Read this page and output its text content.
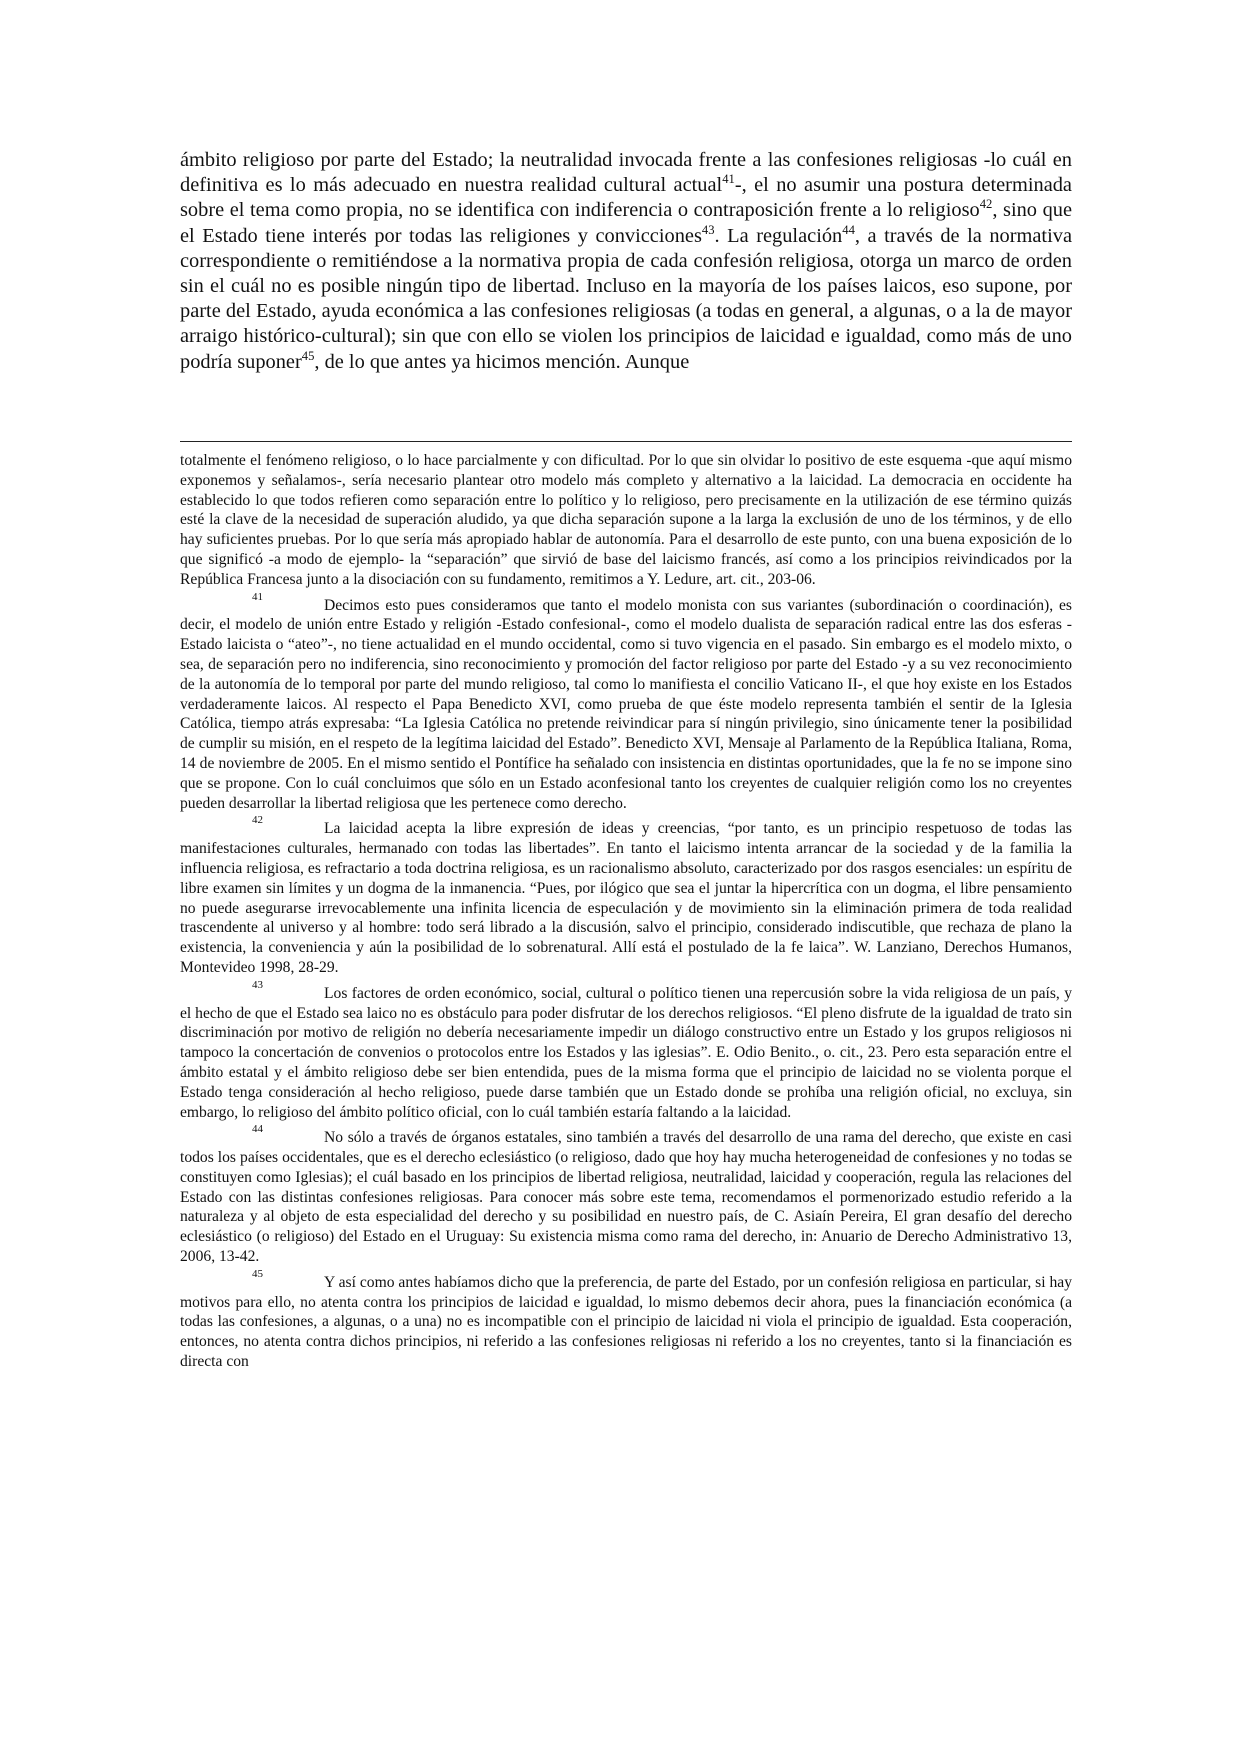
ámbito religioso por parte del Estado; la neutralidad invocada frente a las confesiones religiosas -lo cuál en definitiva es lo más adecuado en nuestra realidad cultural actual$^{41}$-, el no asumir una postura determinada sobre el tema como propia, no se identifica con indiferencia o contraposición frente a lo religioso$^{42}$, sino que el Estado tiene interés por todas las religiones y convicciones$^{43}$. La regulación$^{44}$, a través de la normativa correspondiente o remitiéndose a la normativa propia de cada confesión religiosa, otorga un marco de orden sin el cuál no es posible ningún tipo de libertad. Incluso en la mayoría de los países laicos, eso supone, por parte del Estado, ayuda económica a las confesiones religiosas (a todas en general, a algunas, o a la de mayor arraigo histórico-cultural); sin que con ello se violen los principios de laicidad e igualdad, como más de uno podría suponer$^{45}$, de lo que antes ya hicimos mención. Aunque

totalmente el fenómeno religioso, o lo hace parcialmente y con dificultad. Por lo que sin olvidar lo positivo de este esquema -que aquí mismo exponemos y señalamos-, sería necesario plantear otro modelo más completo y alternativo a la laicidad. La democracia en occidente ha establecido lo que todos refieren como separación entre lo político y lo religioso, pero precisamente en la utilización de ese término quizás esté la clave de la necesidad de superación aludido, ya que dicha separación supone a la larga la exclusión de uno de los términos, y de ello hay suficientes pruebas. Por lo que sería más apropiado hablar de autonomía. Para el desarrollo de este punto, con una buena exposición de lo que significó -a modo de ejemplo- la “separación” que sirvió de base del laicismo francés, así como a los principios reivindicados por la República Francesa junto a la disociación con su fundamento, remitimos a Y. Ledure, art. cit., 203-06.

41	Decimos esto pues consideramos que tanto el modelo monista con sus variantes (subordinación o coordinación), es decir, el modelo de unión entre Estado y religión -Estado confesional-, como el modelo dualista de separación radical entre las dos esferas -Estado laicista o “ateo”-, no tiene actualidad en el mundo occidental, como si tuvo vigencia en el pasado. Sin embargo es el modelo mixto, o sea, de separación pero no indiferencia, sino reconocimiento y promoción del factor religioso por parte del Estado -y a su vez reconocimiento de la autonomía de lo temporal por parte del mundo religioso, tal como lo manifiesta el concilio Vaticano II-, el que hoy existe en los Estados verdaderamente laicos. Al respecto el Papa Benedicto XVI, como prueba de que éste modelo representa también el sentir de la Iglesia Católica, tiempo atrás expresaba: “La Iglesia Católica no pretende reivindicar para sí ningún privilegio, sino únicamente tener la posibilidad de cumplir su misión, en el respeto de la legítima laicidad del Estado”. Benedicto XVI, Mensaje al Parlamento de la República Italiana, Roma, 14 de noviembre de 2005. En el mismo sentido el Pontífice ha señalado con insistencia en distintas oportunidades, que la fe no se impone sino que se propone. Con lo cuál concluimos que sólo en un Estado aconfesional tanto los creyentes de cualquier religión como los no creyentes pueden desarrollar la libertad religiosa que les pertenece como derecho.

42	La laicidad acepta la libre expresión de ideas y creencias, “por tanto, es un principio respetuoso de todas las manifestaciones culturales, hermanado con todas las libertades”. En tanto el laicismo intenta arrancar de la sociedad y de la familia la influencia religiosa, es refractario a toda doctrina religiosa, es un racionalismo absoluto, caracterizado por dos rasgos esenciales: un espíritu de libre examen sin límites y un dogma de la inmanencia. “Pues, por ilógico que sea el juntar la hipercrítica con un dogma, el libre pensamiento no puede asegurarse irrevocablemente una infinita licencia de especulación y de movimiento sin la eliminación primera de toda realidad trascendente al universo y al hombre: todo será librado a la discusión, salvo el principio, considerado indiscutible, que rechaza de plano la existencia, la conveniencia y aún la posibilidad de lo sobrenatural. Allí está el postulado de la fe laica”. W. Lanziano, Derechos Humanos, Montevideo 1998, 28-29.

43	Los factores de orden económico, social, cultural o político tienen una repercusión sobre la vida religiosa de un país, y el hecho de que el Estado sea laico no es obstáculo para poder disfrutar de los derechos religiosos. “El pleno disfrute de la igualdad de trato sin discriminación por motivo de religión no debería necesariamente impedir un diálogo constructivo entre un Estado y los grupos religiosos ni tampoco la concertación de convenios o protocolos entre los Estados y las iglesias”. E. Odio Benito., o. cit., 23. Pero esta separación entre el ámbito estatal y el ámbito religioso debe ser bien entendida, pues de la misma forma que el principio de laicidad no se violenta porque el Estado tenga consideración al hecho religioso, puede darse también que un Estado donde se prohíba una religión oficial, no excluya, sin embargo, lo religioso del ámbito político oficial, con lo cuál también estaría faltando a la laicidad.

44	No sólo a través de órganos estatales, sino también a través del desarrollo de una rama del derecho, que existe en casi todos los países occidentales, que es el derecho eclesiástico (o religioso, dado que hoy hay mucha heterogeneidad de confesiones y no todas se constituyen como Iglesias); el cuál basado en los principios de libertad religiosa, neutralidad, laicidad y cooperación, regula las relaciones del Estado con las distintas confesiones religiosas. Para conocer más sobre este tema, recomendamos el pormenorizado estudio referido a la naturaleza y al objeto de esta especialidad del derecho y su posibilidad en nuestro país, de C. Asiaín Pereira, El gran desafío del derecho eclesiástico (o religioso) del Estado en el Uruguay: Su existencia misma como rama del derecho, in: Anuario de Derecho Administrativo 13, 2006, 13-42.

45	Y así como antes habíamos dicho que la preferencia, de parte del Estado, por un confesión religiosa en particular, si hay motivos para ello, no atenta contra los principios de laicidad e igualdad, lo mismo debemos decir ahora, pues la financiación económica (a todas las confesiones, a algunas, o a una) no es incompatible con el principio de laicidad ni viola el principio de igualdad. Esta cooperación, entonces, no atenta contra dichos principios, ni referido a las confesiones religiosas ni referido a los no creyentes, tanto si la financiación es directa con
